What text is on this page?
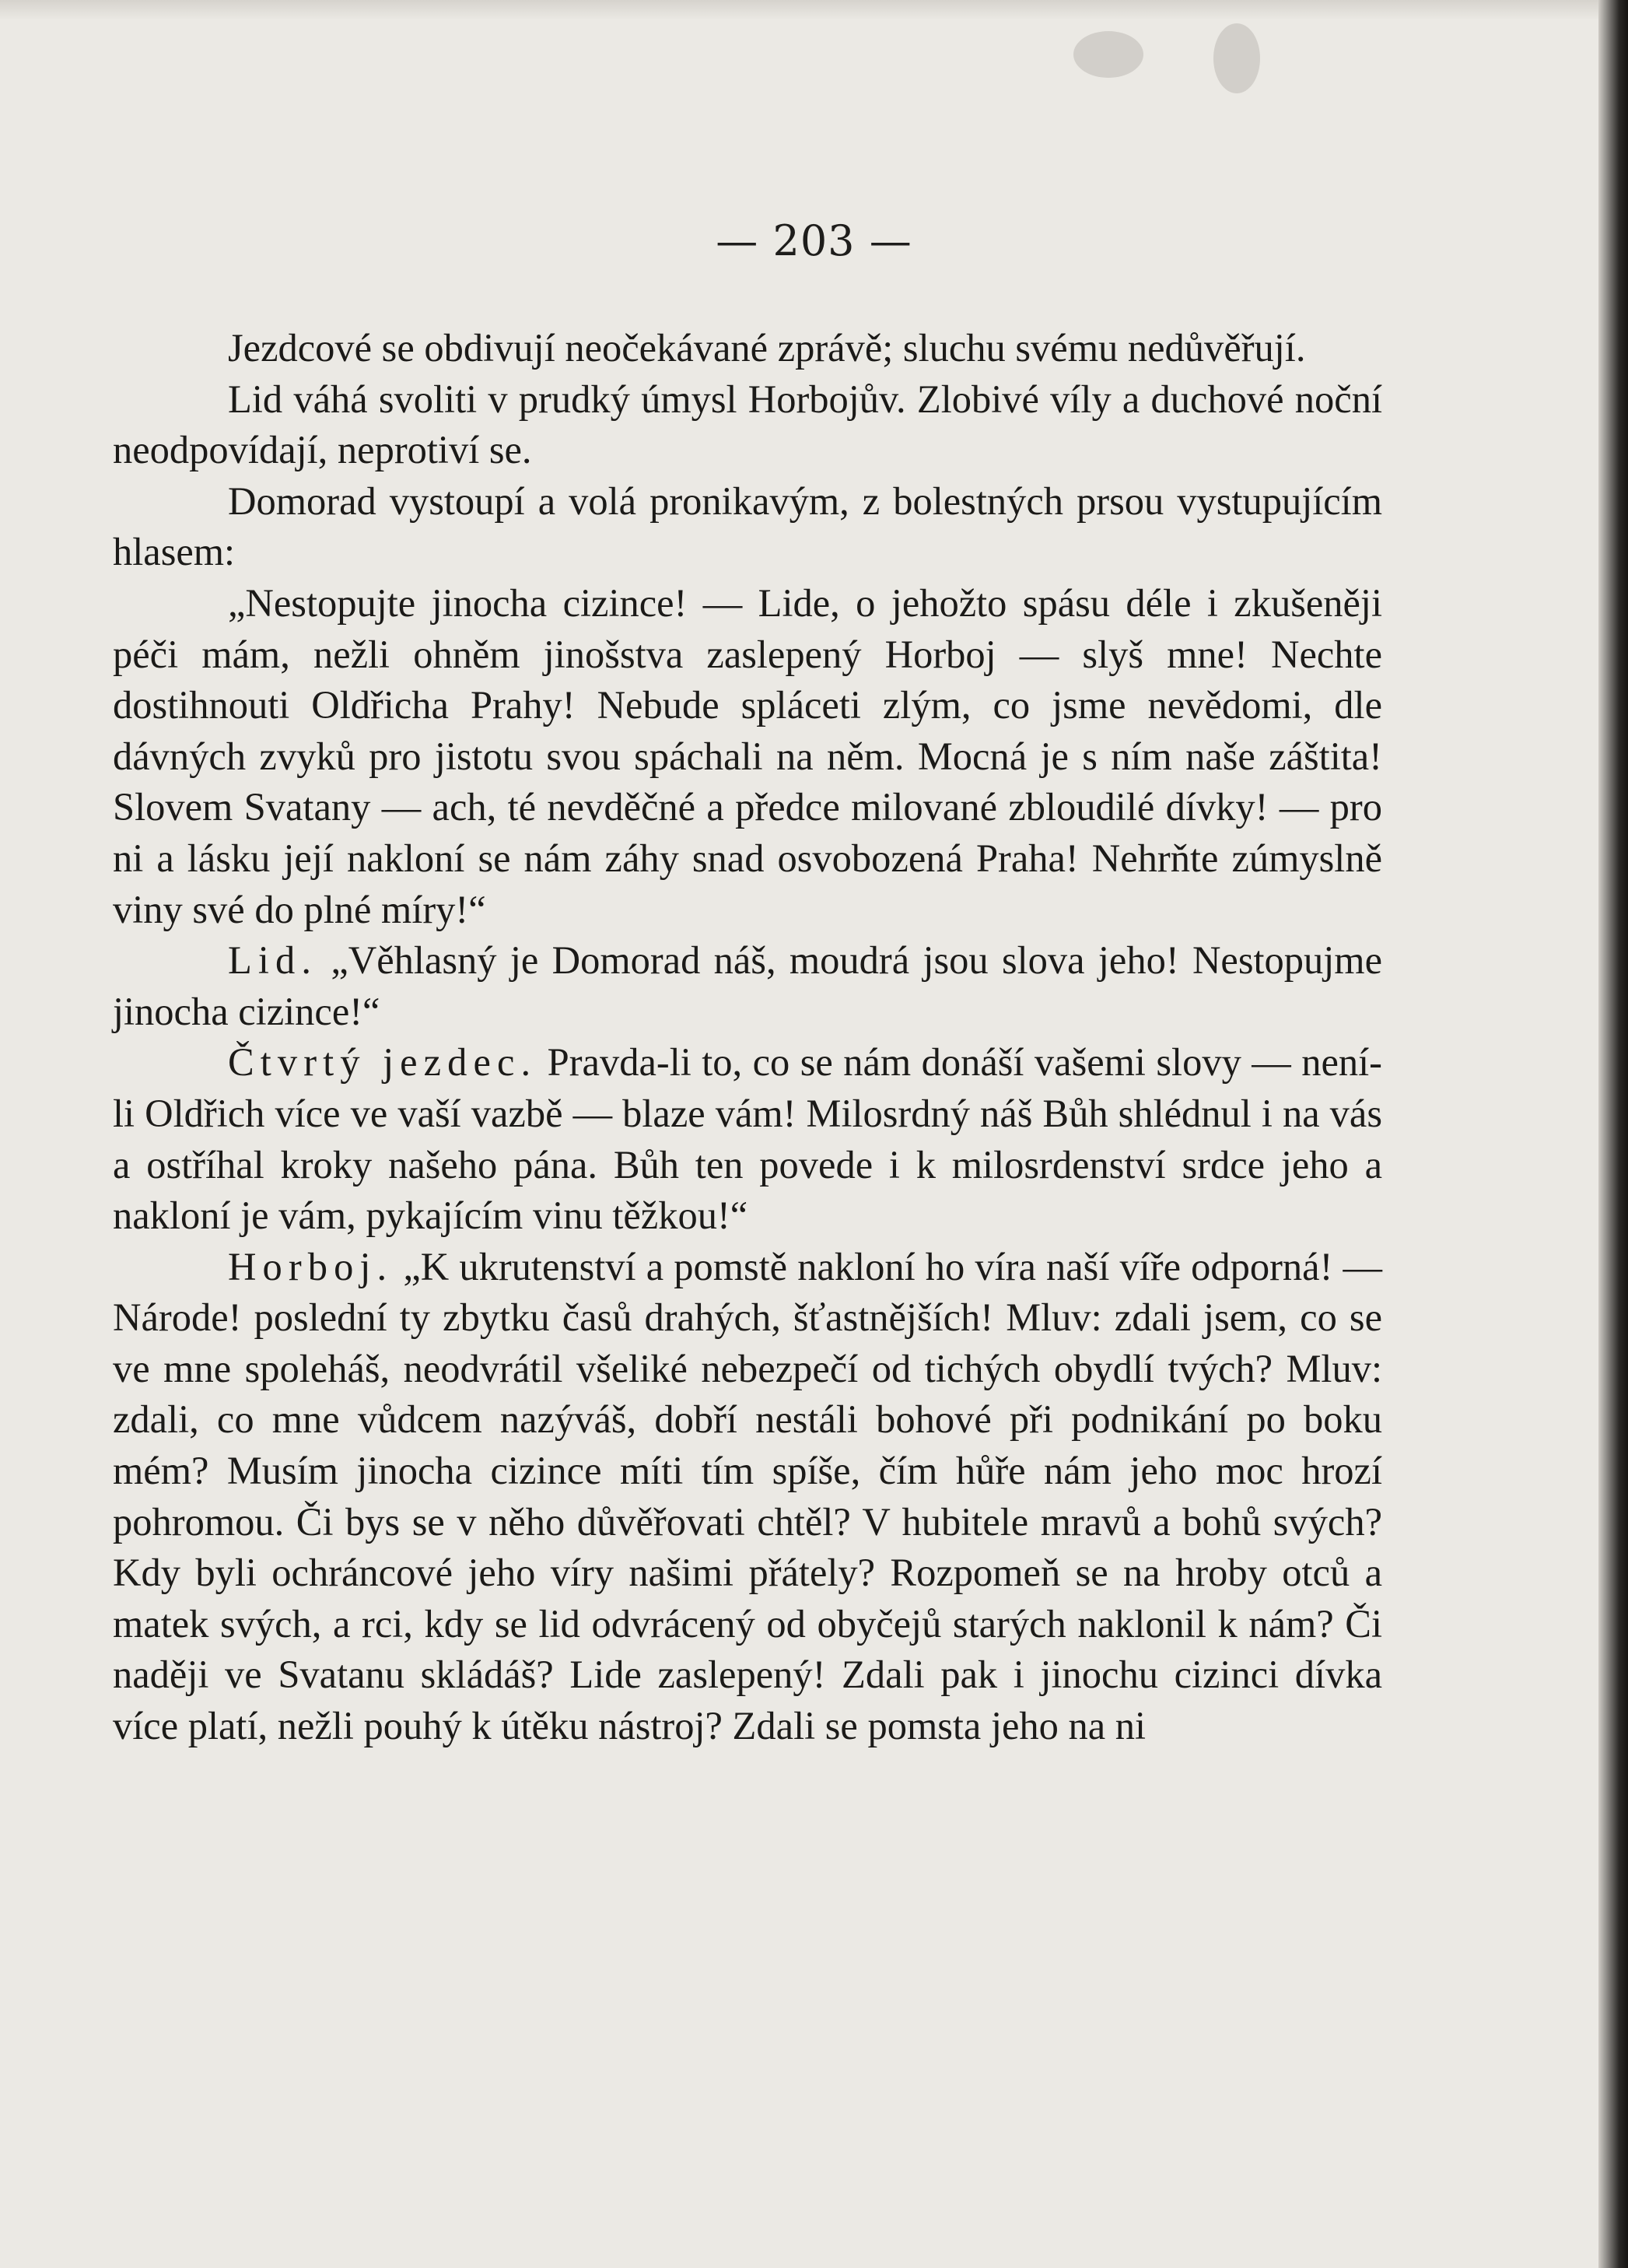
— 203 —

Jezdcové se obdivují neočekávané zprávě; sluchu svému nedůvěřují.

Lid váhá svoliti v prudký úmysl Horbojův. Zlobivé víly a duchové noční neodpovídají, neprotiví se.

Domorad vystoupí a volá pronikavým, z bolestných prsou vystupujícím hlasem:

„Nestopujte jinocha cizince! — Lide, o jehožto spásu déle i zkušeněji péči mám, nežli ohněm jinošstva zaslepený Horboj — slyš mne! Nechte dostihnouti Oldřicha Prahy! Nebude spláceti zlým, co jsme nevědomi, dle dávných zvyků pro jistotu svou spáchali na něm. Mocná je s ním naše záštita! Slovem Svatany — ach, té nevděčné a předce milované zbloudilé dívky! — pro ni a lásku její nakloní se nám záhy snad osvobozená Praha! Nehrňte zúmyslně viny své do plné míry!“

Lid. „Věhlasný je Domorad náš, moudrá jsou slova jeho! Nestopujme jinocha cizince!“

Čtvrtý jezdec. Pravda-li to, co se nám donáší vašemi slovy — není-li Oldřich více ve vaší vazbě — blaze vám! Milosrdný náš Bůh shlédnul i na vás a ostříhal kroky našeho pána. Bůh ten povede i k milosrdenství srdce jeho a nakloní je vám, pykajícím vinu těžkou!“

Horboj. „K ukrutenství a pomstě nakloní ho víra naší víře odporná! — Národe! poslední ty zbytku časů drahých, šťastnějších! Mluv: zdali jsem, co se ve mne spoleháš, neodvrátil všeliké nebezpečí od tichých obydlí tvých? Mluv: zdali, co mne vůdcem nazýváš, dobří nestáli bohové při podnikání po boku mém? Musím jinocha cizince míti tím spíše, čím hůře nám jeho moc hrozí pohromou. Či bys se v něho důvěřovati chtěl? V hubitele mravů a bohů svých? Kdy byli ochráncové jeho víry našimi přátely? Rozpomeň se na hroby otců a matek svých, a rci, kdy se lid odvrácený od obyčejů starých naklonil k nám? Či naději ve Svatanu skládáš? Lide zaslepený! Zdali pak i jinochu cizinci dívka více platí, nežli pouhý k útěku nástroj? Zdali se pomsta jeho na ni
